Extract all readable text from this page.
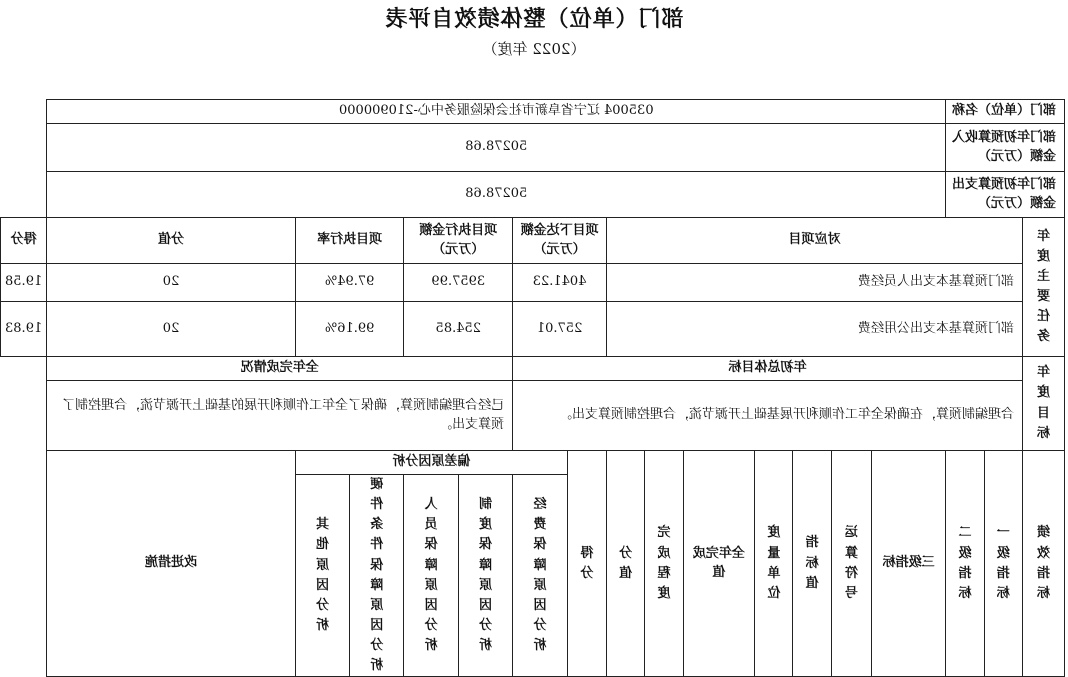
部门（单位）整体绩效自评表
（2022 年度）
部门（单位）名称			035004 辽宁省阜新市社会保险服务中心-210900000														
部门年初预算收入金额（万元）			50278.68														
部门年初预算支出金额（万元）			50278.68														

年度主要任务	对应项目									项目下达金额（万元）		项目执行金额（万元）		项目执行率		分值	得分
	部门预算基本支出人员经费									4041.23		3957.99		97.94%		20	19.58
	部门预算基本支出公用经费									257.01		254.85		99.16%		20	19.83

年度目标	年初总体目标											全年完成情况					
	合理编制预算，在确保全年工作顺利开展基础上开源节流，合理控制预算支出。											已经合理编制预算，确保了全年工作顺利开展的基础上开源节流，合理控制了预算支出。					

绩效指标	一级指标	二级指标	三级指标	运算符号	指标值	度量单位	全年完成值	完成程度	分值	得分	偏差原因分析					改进措施	

											经费保障原因分析	制度保障原因分析	人员保障原因分析	硬件条件保障原因分析	其他原因分析		
